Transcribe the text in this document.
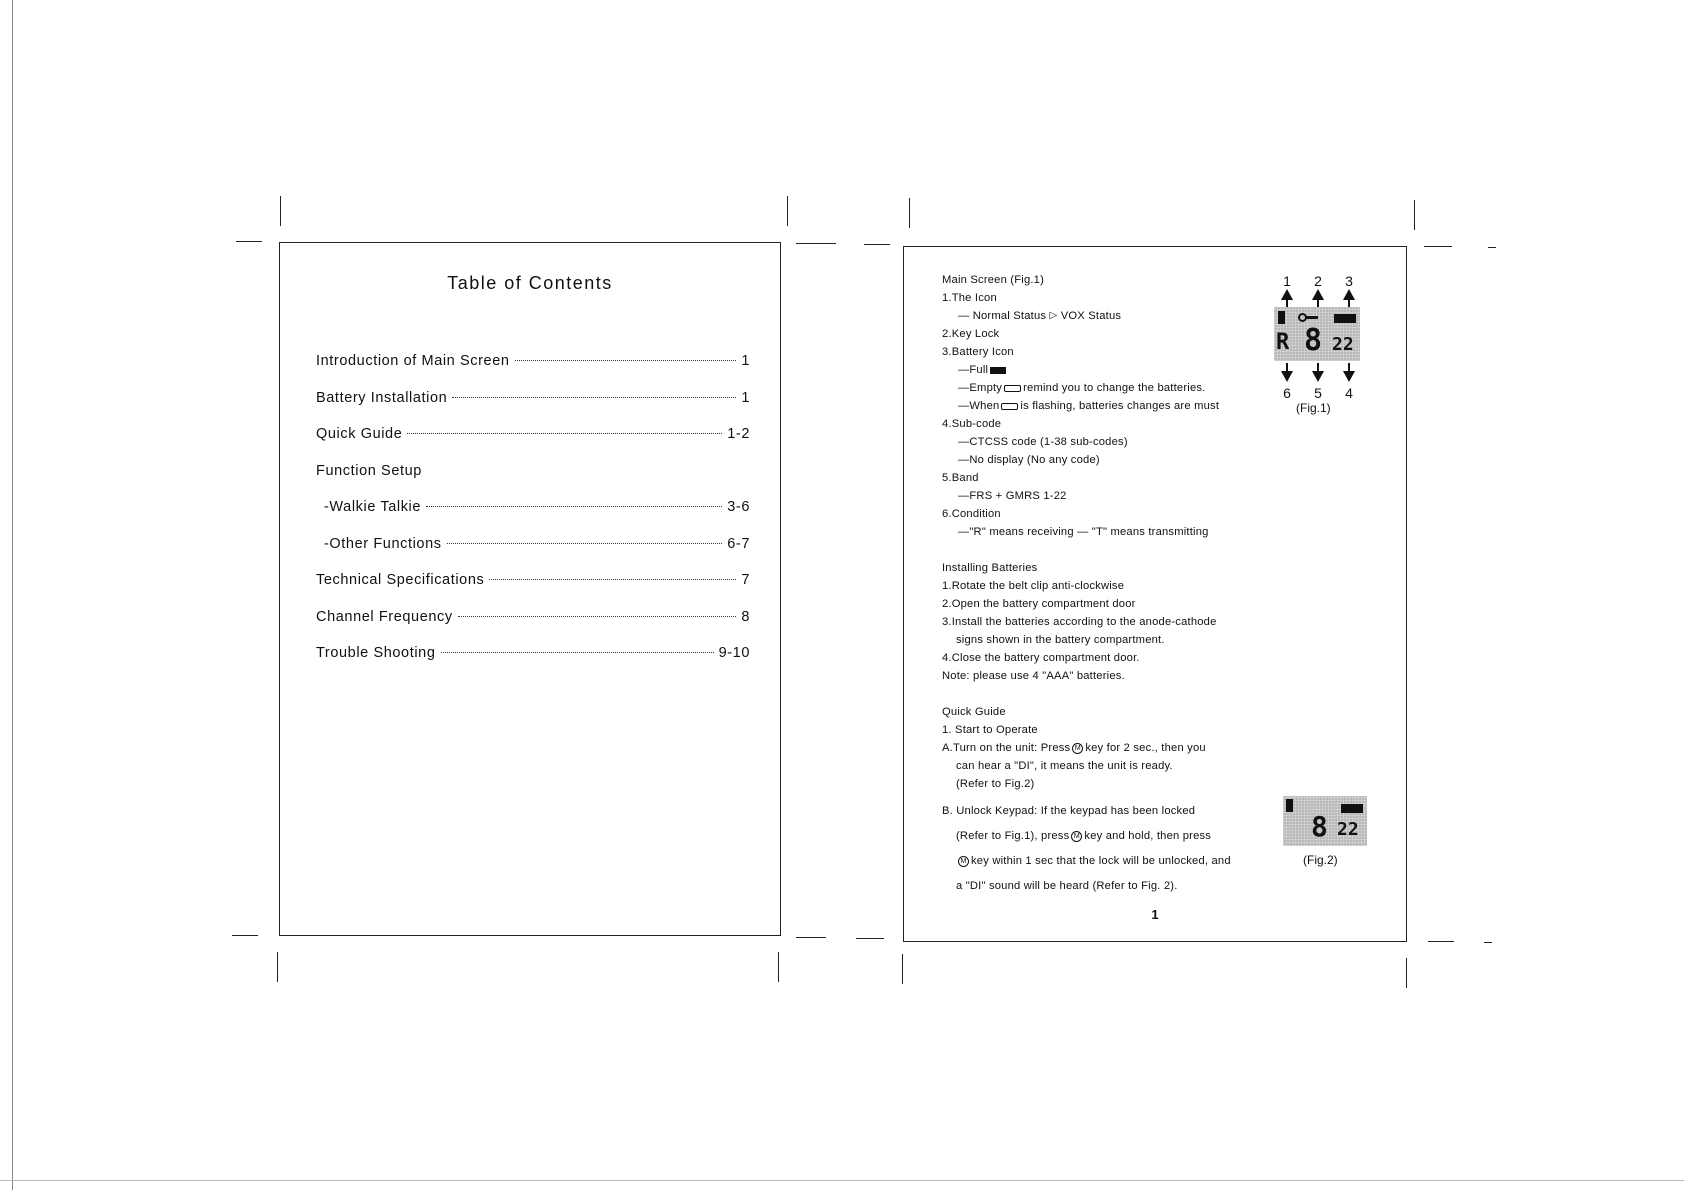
Table of Contents
Introduction of Main Screen	1
Battery Installation	1
Quick Guide	1-2
Function Setup
-Walkie Talkie	3-6
-Other Functions	6-7
Technical Specifications	7
Channel Frequency	8
Trouble Shooting	9-10
Main Screen (Fig.1)
1.The Icon
— Normal Status ▷ VOX Status
2.Key Lock
3.Battery Icon
—Full
—Empty remind you to change the batteries.
—When is flashing, batteries changes are must
4.Sub-code
—CTCSS code (1-38 sub-codes)
—No display (No any code)
5.Band
—FRS + GMRS 1-22
6.Condition
—"R" means receiving — "T" means transmitting
Installing Batteries
1.Rotate the belt clip anti-clockwise
2.Open the battery compartment door
3.Install the batteries according to the anode-cathode
signs shown in the battery compartment.
4.Close the battery compartment door.
Note: please use 4 "AAA" batteries.
Quick Guide
1. Start to Operate
A.Turn on the unit: Press M key for 2 sec., then you
can hear a "DI", it means the unit is ready.
(Refer to Fig.2)
B. Unlock Keypad: If the keypad has been locked
(Refer to Fig.1), press M key and hold, then press
M key within 1 sec that the lock will be unlocked, and
a "DI" sound will be heard (Refer to Fig. 2).
1 2 3
R 8 22
6 5 4
(Fig.1)
8 22
(Fig.2)
1
